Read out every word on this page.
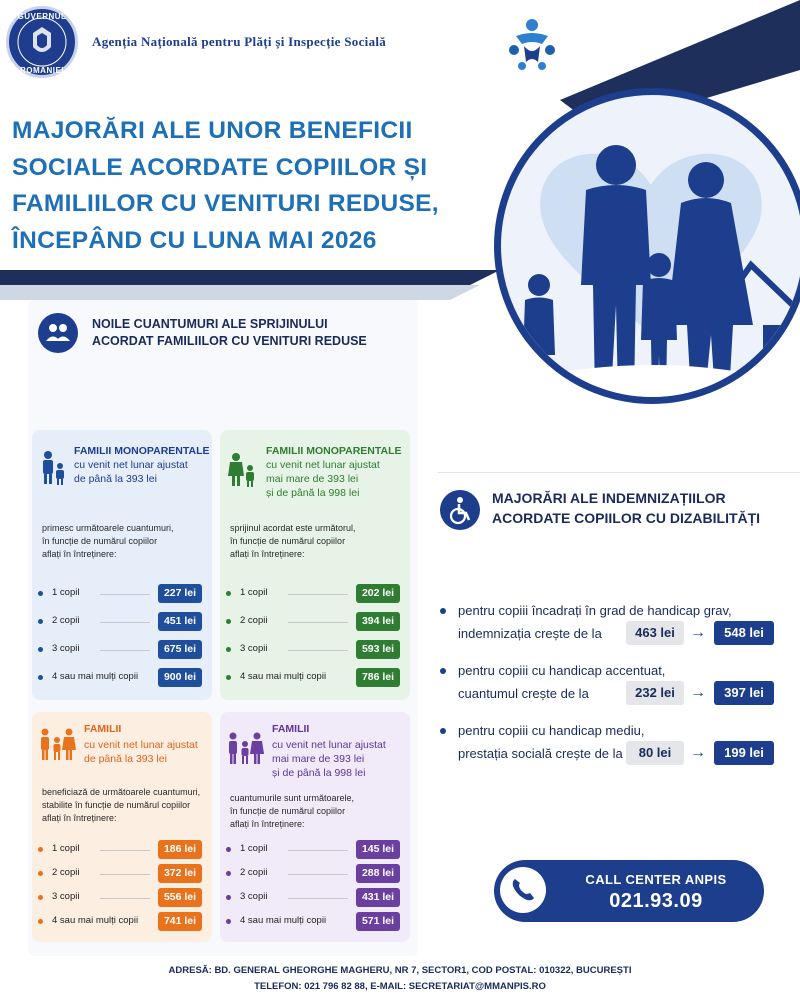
GUVERNUL
ROMÂNIEI
Agenția Națională pentru Plăți și Inspecție Socială
MAJORĂRI ALE UNOR BENEFICII
SOCIALE ACORDATE COPIILOR ȘI
FAMILIILOR CU VENITURI REDUSE,
ÎNCEPÂND CU LUNA MAI 2026
NOILE CUANTUMURI ALE SPRIJINULUI
ACORDAT FAMILIILOR CU VENITURI REDUSE
FAMILII MONOPARENTALE
cu venit net lunar ajustat
de până la 393 lei
primesc următoarele cuantumuri,
în funcție de numărul copiilor
aflați în întreținere:
1 copil	227 lei
2 copii	451 lei
3 copii	675 lei
4 sau mai mulți copii	900 lei
FAMILII MONOPARENTALE
cu venit net lunar ajustat
mai mare de 393 lei
și de până la 998 lei
sprijinul acordat este următorul,
în funcție de numărul copiilor
aflați în întreținere:
1 copil	202 lei
2 copii	394 lei
3 copii	593 lei
4 sau mai mulți copii	786 lei
FAMILII
cu venit net lunar ajustat
de până la 393 lei
beneficiază de următoarele cuantumuri,
stabilite în funcție de numărul copiilor
aflați în întreținere:
1 copil	186 lei
2 copii	372 lei
3 copii	556 lei
4 sau mai mulți copii	741 lei
FAMILII
cu venit net lunar ajustat
mai mare de 393 lei
și de până la 998 lei
cuantumurile sunt următoarele,
în funcție de numărul copiilor
aflați în întreținere:
1 copil	145 lei
2 copii	288 lei
3 copii	431 lei
4 sau mai mulți copii	571 lei
MAJORĂRI ALE INDEMNIZAȚIILOR
ACORDATE COPIILOR CU DIZABILITĂȚI
pentru copiii încadrați în grad de handicap grav,
indemnizația crește de la	463 lei →	548 lei
pentru copiii cu handicap accentuat,
cuantumul crește de la	232 lei →	397 lei
pentru copiii cu handicap mediu,
prestația socială crește de la	80 lei	→	199 lei
CALL CENTER ANPIS
021.93.09
ADRESĂ: BD. GENERAL GHEORGHE MAGHERU, NR 7, SECTOR1, COD POSTAL: 010322, BUCUREȘTI
TELEFON: 021 796 82 88, E-MAIL: SECRETARIAT@MMANPIS.RO
